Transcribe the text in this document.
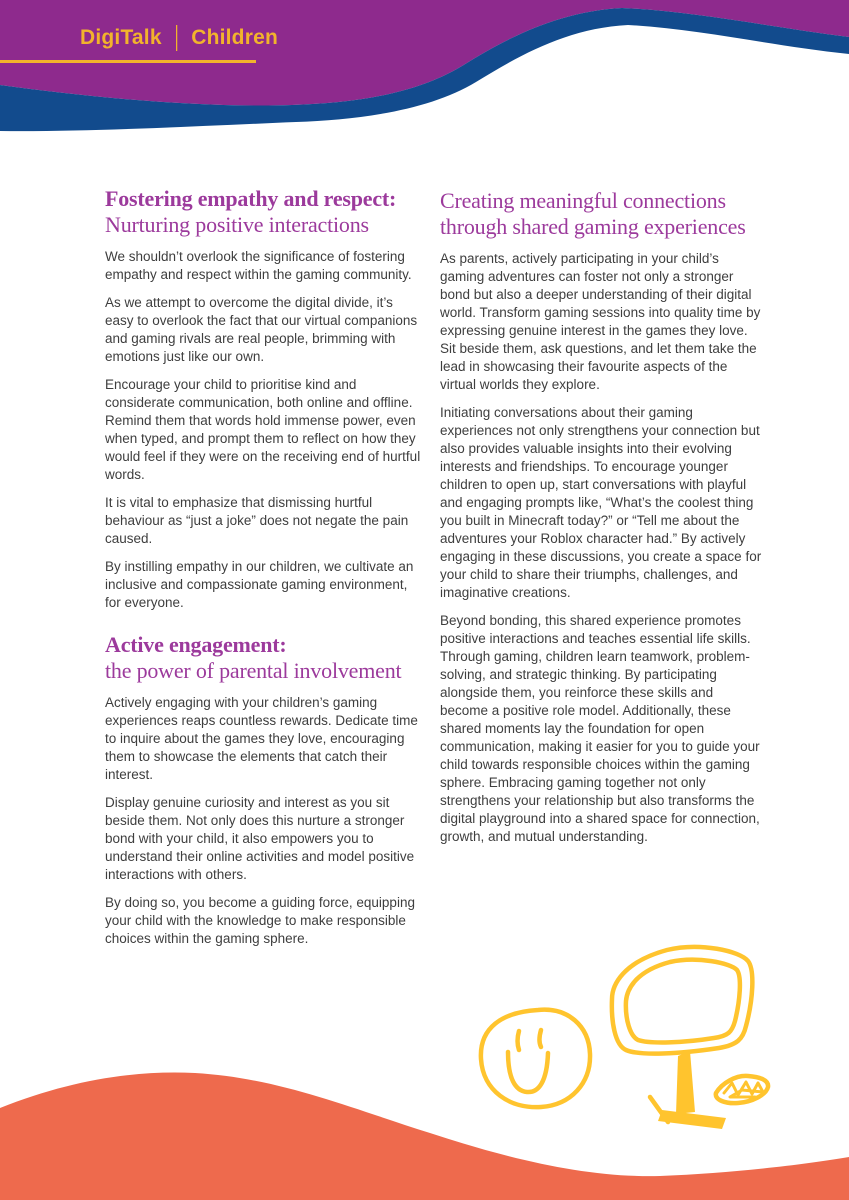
DigiTalk | Children
Fostering empathy and respect: Nurturing positive interactions

We shouldn’t overlook the significance of fostering empathy and respect within the gaming community.

As we attempt to overcome the digital divide, it’s easy to overlook the fact that our virtual companions and gaming rivals are real people, brimming with emotions just like our own.

Encourage your child to prioritise kind and considerate communication, both online and offline. Remind them that words hold immense power, even when typed, and prompt them to reflect on how they would feel if they were on the receiving end of hurtful words.

It is vital to emphasize that dismissing hurtful behaviour as “just a joke” does not negate the pain caused.

By instilling empathy in our children, we cultivate an inclusive and compassionate gaming environment, for everyone.

Active engagement:
the power of parental involvement

Actively engaging with your children’s gaming experiences reaps countless rewards. Dedicate time to inquire about the games they love, encouraging them to showcase the elements that catch their interest.

Display genuine curiosity and interest as you sit beside them. Not only does this nurture a stronger bond with your child, it also empowers you to understand their online activities and model positive interactions with others.

By doing so, you become a guiding force, equipping your child with the knowledge to make responsible choices within the gaming sphere.

Creating meaningful connections through shared gaming experiences

As parents, actively participating in your child’s gaming adventures can foster not only a stronger bond but also a deeper understanding of their digital world. Transform gaming sessions into quality time by expressing genuine interest in the games they love. Sit beside them, ask questions, and let them take the lead in showcasing their favourite aspects of the virtual worlds they explore.

Initiating conversations about their gaming experiences not only strengthens your connection but also provides valuable insights into their evolving interests and friendships. To encourage younger children to open up, start conversations with playful and engaging prompts like, “What’s the coolest thing you built in Minecraft today?” or “Tell me about the adventures your Roblox character had.” By actively engaging in these discussions, you create a space for your child to share their triumphs, challenges, and imaginative creations.

Beyond bonding, this shared experience promotes positive interactions and teaches essential life skills. Through gaming, children learn teamwork, problem-solving, and strategic thinking. By participating alongside them, you reinforce these skills and become a positive role model. Additionally, these shared moments lay the foundation for open communication, making it easier for you to guide your child towards responsible choices within the gaming sphere. Embracing gaming together not only strengthens your relationship but also transforms the digital playground into a shared space for connection, growth, and mutual understanding.
